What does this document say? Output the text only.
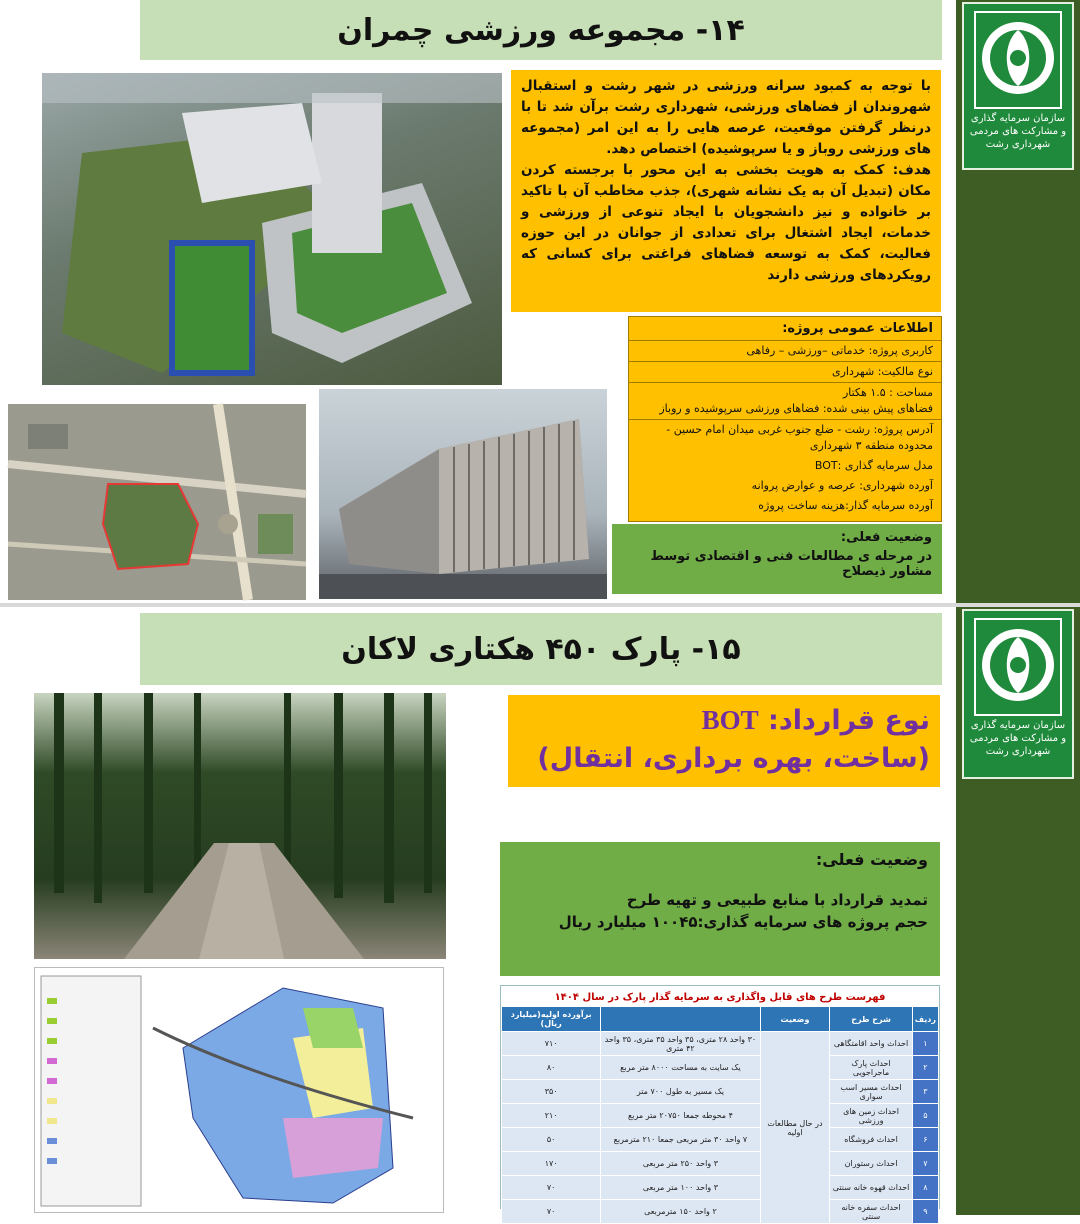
سازمان سرمایه گذاری
و مشارکت های مردمی
شهرداری رشت
۱۴- مجموعه ورزشی چمران
با توجه به کمبود سرانه ورزشی در شهر رشت و استقبال شهروندان از فضاهای ورزشی، شهرداری رشت برآن شد تا با درنظر گرفتن موقعیت، عرصه هایی را به این امر (مجموعه های ورزشی روباز و یا سرپوشیده) اختصاص دهد.
هدف: کمک به هویت بخشی به این محور با برجسته کردن مکان (تبدیل آن به یک نشانه شهری)، جذب مخاطب آن با تاکید بر خانواده و نیز دانشجویان با ایجاد تنوعی از ورزشی و خدمات، ایجاد اشتغال برای تعدادی از جوانان در این حوزه فعالیت، کمک به توسعه فضاهای فراغتی برای کسانی که رویکردهای ورزشی دارند
اطلاعات عمومی پروژه:
کاربری پروژه: خدماتی –ورزشی – رفاهی
نوع مالکیت: شهرداری
مساحت : ۱.۵ هکتار
فضاهای پیش بینی شده: فضاهای ورزشی سرپوشیده و روباز
آدرس پروژه: رشت - ضلع جنوب غربی میدان امام حسین - محدوده منطقه ۳ شهرداری
مدل سرمایه گذاری :BOT
آورده شهرداری: عرصه و عوارض پروانه
آورده سرمایه گذار:هزینه ساخت پروژه
وضعیت فعلی:
در مرحله ی مطالعات فنی و اقتصادی توسط مشاور ذیصلاح
سازمان سرمایه گذاری
و مشارکت های مردمی
شهرداری رشت
۱۵- پارک ۴۵۰ هکتاری لاکان
نوع قرارداد: BOT
(ساخت، بهره برداری، انتقال)
وضعیت فعلی:
تمدید قرارداد با منابع طبیعی و تهیه طرح
حجم پروژه های سرمایه گذاری:۱۰۰۴۵ میلیارد ریال
فهرست طرح های قابل واگذاری به سرمایه گذار پارک در سال ۱۴۰۴
ردیف	شرح طرح	وضعیت		برآورده اولیه(میلیارد ریال)
۱	احداث واحد اقامتگاهی	در حال مطالعات اولیه	۳۰ واحد ۲۸ متری، ۳۵ واحد ۳۵ متری، ۳۵ واحد ۴۲ متری	۷۱۰
۲	احداث پارک ماجراجویی		یک سایت به مساحت ۸۰۰۰ متر مربع	۸۰
۳	احداث مسیر اسب سواری		یک مسیر به طول ۷۰۰ متر	۳۵۰
۵	احداث زمین های ورزشی		۴ محوطه جمعا ۲۰۷۵۰ متر مربع	۲۱۰
۶	احداث فروشگاه		۷ واحد ۳۰ متر مربعی جمعا ۲۱۰ مترمربع	۵۰
۷	احداث رستوران		۳ واحد ۲۵۰ متر مربعی	۱۷۰
۸	احداث قهوه خانه سنتی		۳ واحد ۱۰۰ متر مربعی	۷۰
۹	احداث سفره خانه سنتی		۲ واحد ۱۵۰ مترمربعی	۷۰
